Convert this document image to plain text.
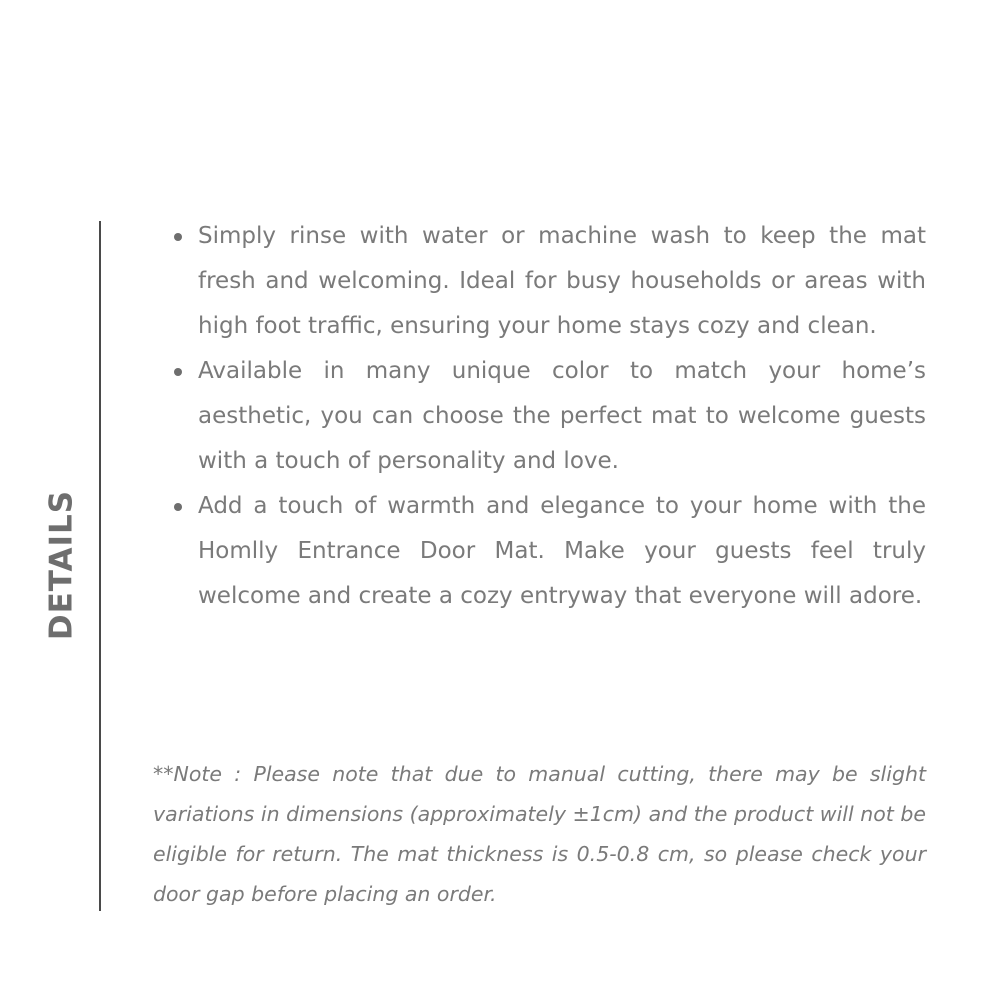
DETAILS
Simply rinse with water or machine wash to keep the mat fresh and welcoming. Ideal for busy households or areas with high foot traffic, ensuring your home stays cozy and clean.
Available in many unique color to match your home’s aesthetic, you can choose the perfect mat to welcome guests with a touch of personality and love.
Add a touch of warmth and elegance to your home with the Homlly Entrance Door Mat. Make your guests feel truly welcome and create a cozy entryway that everyone will adore.

**Note : Please note that due to manual cutting, there may be slight variations in dimensions (approximately ±1cm) and the product will not be eligible for return. The mat thickness is 0.5-0.8 cm, so please check your door gap before placing an order.
